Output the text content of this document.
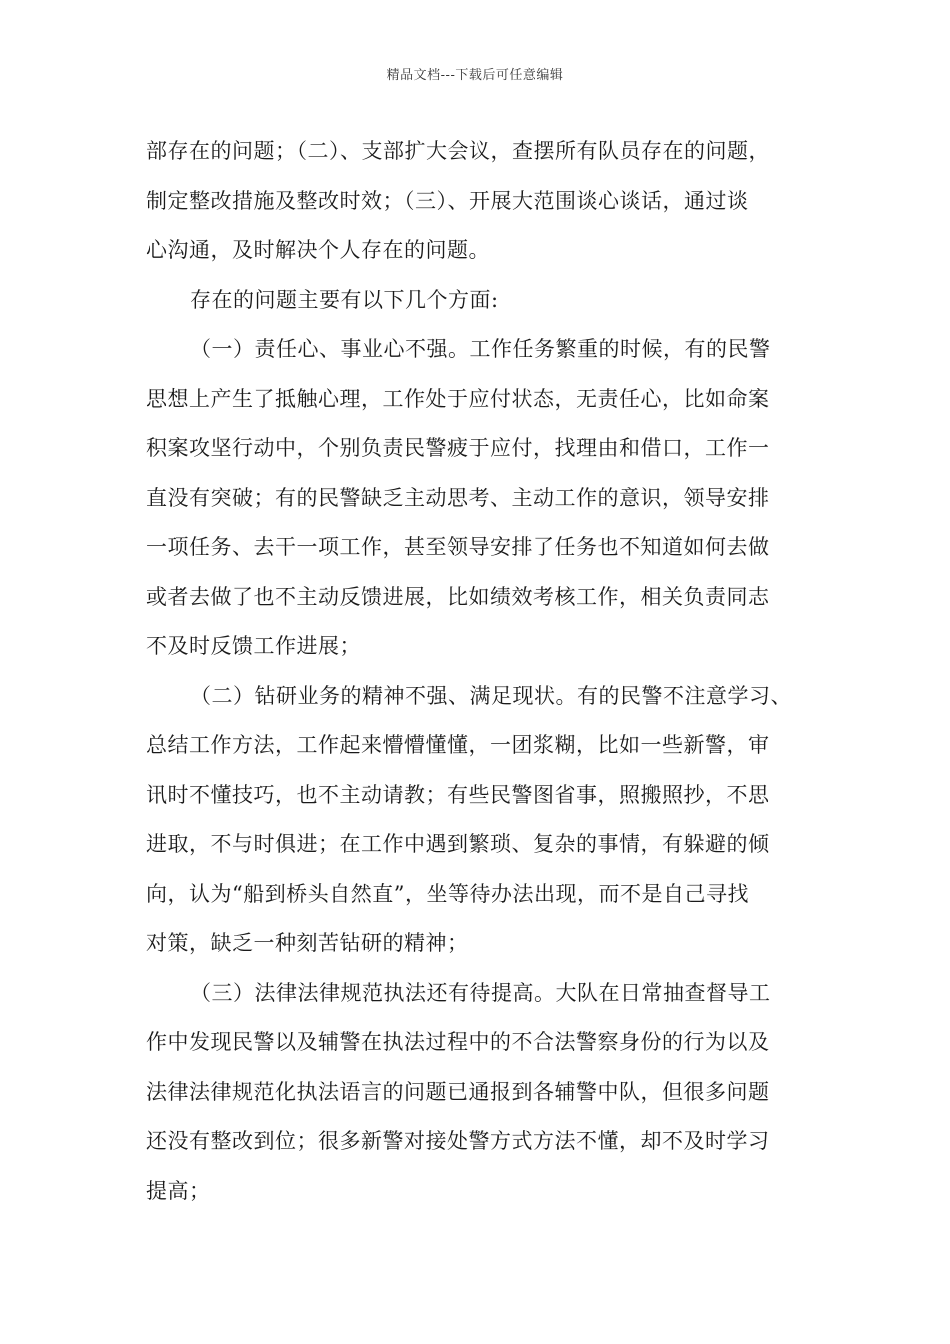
精品文档---下载后可任意编辑
部存在的问题；（二）、支部扩大会议，查摆所有队员存在的问题，
制定整改措施及整改时效；（三）、开展大范围谈心谈话，通过谈
心沟通，及时解决个人存在的问题。
存在的问题主要有以下几个方面:
（一）责任心、事业心不强。工作任务繁重的时候，有的民警
思想上产生了抵触心理，工作处于应付状态，无责任心，比如命案
积案攻坚行动中，个别负责民警疲于应付，找理由和借口，工作一
直没有突破；有的民警缺乏主动思考、主动工作的意识，领导安排
一项任务、去干一项工作，甚至领导安排了任务也不知道如何去做
或者去做了也不主动反馈进展，比如绩效考核工作，相关负责同志
不及时反馈工作进展；
（二）钻研业务的精神不强、满足现状。有的民警不注意学习、
总结工作方法，工作起来懵懵懂懂，一团浆糊，比如一些新警，审
讯时不懂技巧，也不主动请教；有些民警图省事，照搬照抄，不思
进取，不与时俱进；在工作中遇到繁琐、复杂的事情，有躲避的倾
向，认为“船到桥头自然直”，坐等待办法出现，而不是自己寻找
对策，缺乏一种刻苦钻研的精神；
（三）法律法律规范执法还有待提高。大队在日常抽查督导工
作中发现民警以及辅警在执法过程中的不合法警察身份的行为以及
法律法律规范化执法语言的问题已通报到各辅警中队，但很多问题
还没有整改到位；很多新警对接处警方式方法不懂，却不及时学习
提高；
